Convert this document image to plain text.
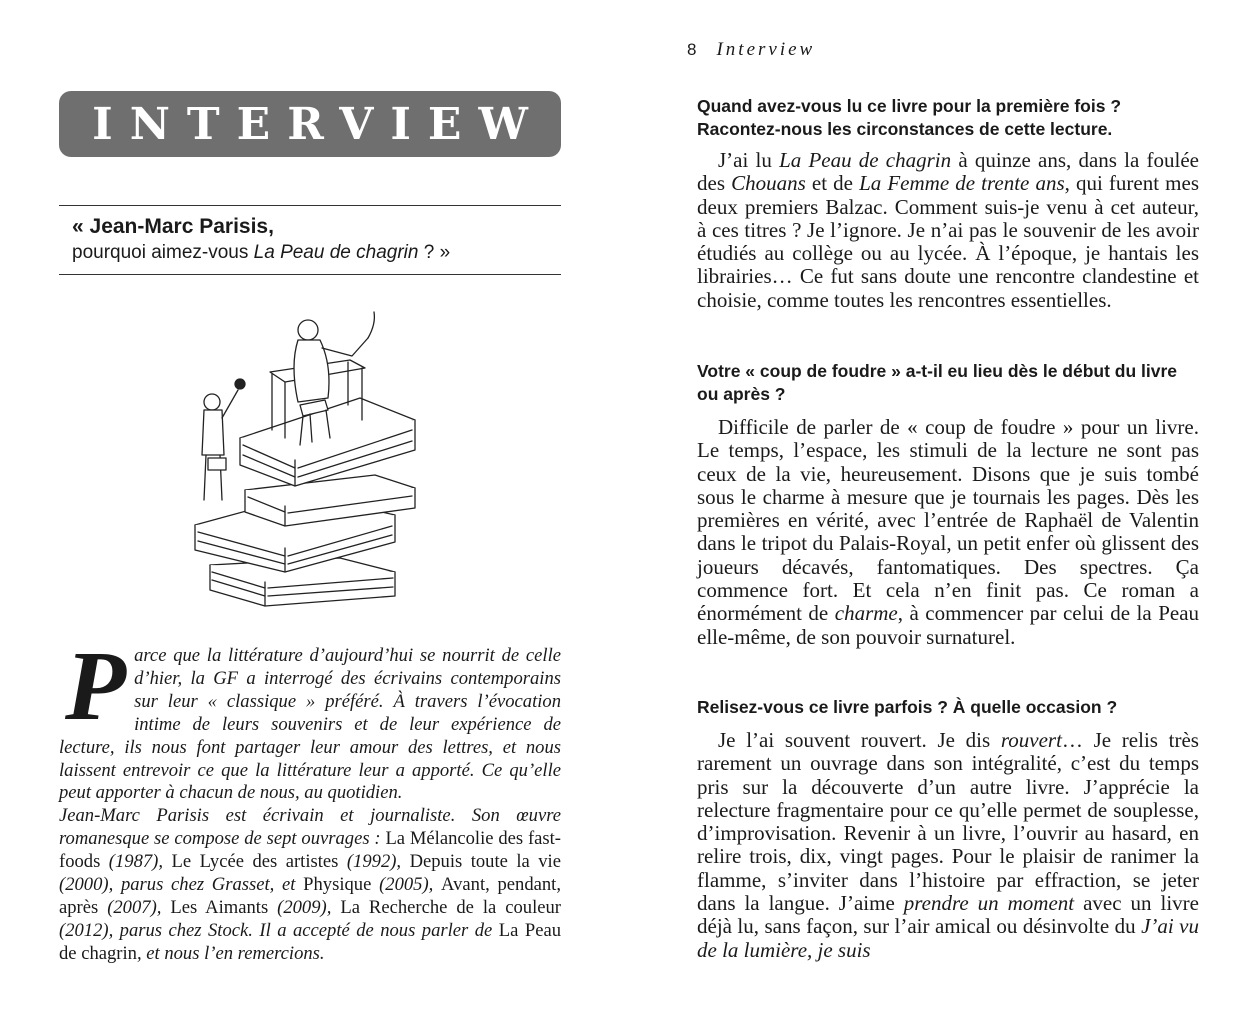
INTERVIEW
« Jean-Marc Parisis,
pourquoi aimez-vous La Peau de chagrin ? »
Parce que la littérature d’aujourd’hui se nourrit de celle d’hier, la GF a interrogé des écrivains contemporains sur leur « classique » préféré. À travers l’évocation intime de leurs souvenirs et de leur expérience de lecture, ils nous font partager leur amour des lettres, et nous laissent entrevoir ce que la littérature leur a apporté. Ce qu’elle peut apporter à chacun de nous, au quotidien.
Jean-Marc Parisis est écrivain et journaliste. Son œuvre romanesque se compose de sept ouvrages : La Mélancolie des fast-foods (1987), Le Lycée des artistes (1992), Depuis toute la vie (2000), parus chez Grasset, et Physique (2005), Avant, pendant, après (2007), Les Aimants (2009), La Recherche de la couleur (2012), parus chez Stock. Il a accepté de nous parler de La Peau de chagrin, et nous l’en remercions.
8 Interview

Quand avez-vous lu ce livre pour la première fois ? Racontez-nous les circonstances de cette lecture.

J’ai lu La Peau de chagrin à quinze ans, dans la foulée des Chouans et de La Femme de trente ans, qui furent mes deux premiers Balzac. Comment suis-je venu à cet auteur, à ces titres ? Je l’ignore. Je n’ai pas le souvenir de les avoir étudiés au collège ou au lycée. À l’époque, je hantais les librairies… Ce fut sans doute une rencontre clandestine et choisie, comme toutes les rencontres essentielles.

Votre « coup de foudre » a-t-il eu lieu dès le début du livre ou après ?

Difficile de parler de « coup de foudre » pour un livre. Le temps, l’espace, les stimuli de la lecture ne sont pas ceux de la vie, heureusement. Disons que je suis tombé sous le charme à mesure que je tournais les pages. Dès les premières en vérité, avec l’entrée de Raphaël de Valentin dans le tripot du Palais-Royal, un petit enfer où glissent des joueurs décavés, fantomatiques. Des spectres. Ça commence fort. Et cela n’en finit pas. Ce roman a énormément de charme, à commencer par celui de la Peau elle-même, de son pouvoir surnaturel.

Relisez-vous ce livre parfois ? À quelle occasion ?

Je l’ai souvent rouvert. Je dis rouvert… Je relis très rarement un ouvrage dans son intégralité, c’est du temps pris sur la découverte d’un autre livre. J’apprécie la relecture fragmentaire pour ce qu’elle permet de souplesse, d’improvisation. Revenir à un livre, l’ouvrir au hasard, en relire trois, dix, vingt pages. Pour le plaisir de ranimer la flamme, s’inviter dans l’histoire par effraction, se jeter dans la langue. J’aime prendre un moment avec un livre déjà lu, sans façon, sur l’air amical ou désinvolte du J’ai vu de la lumière, je suis
